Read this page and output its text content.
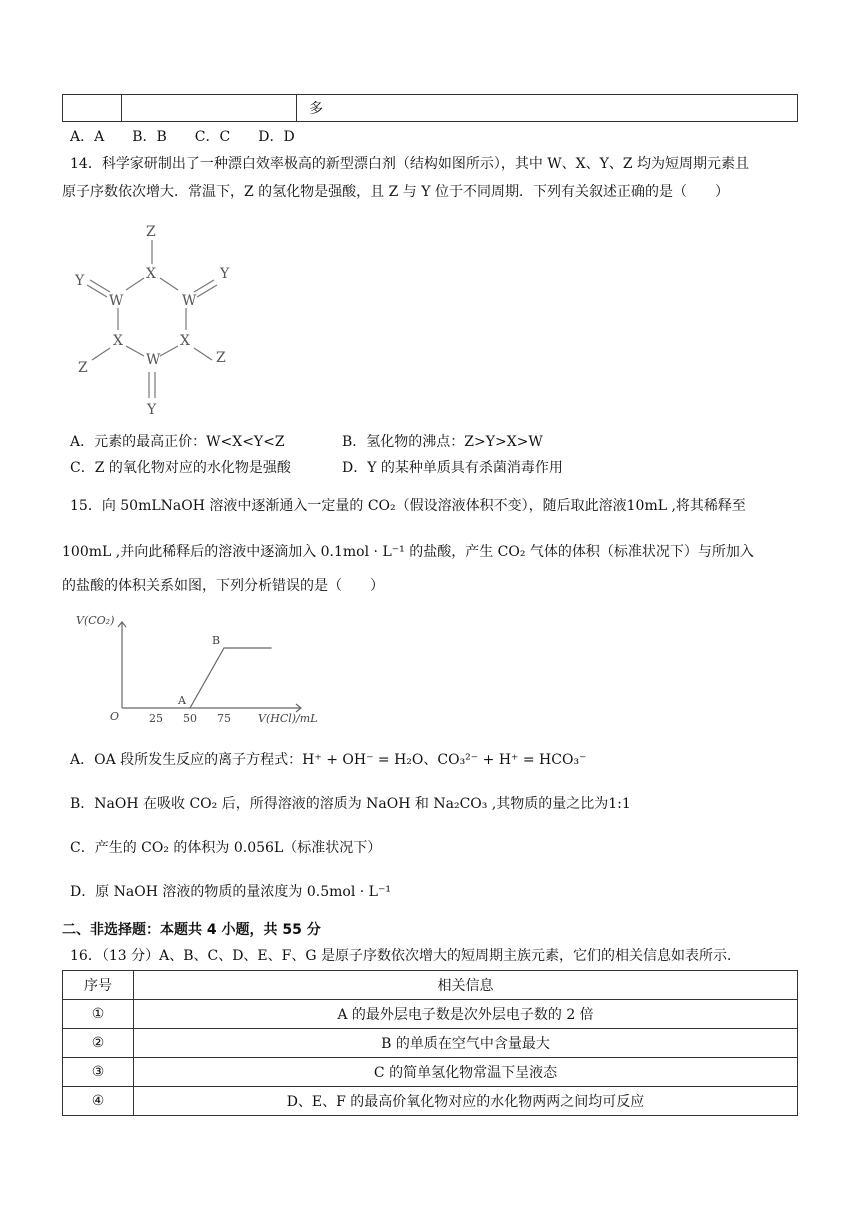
		多
A．A　　B．B　　C．C　　D．D
14．科学家研制出了一种漂白效率极高的新型漂白剂（结构如图所示），其中 W、X、Y、Z 均为短周期元素且
原子序数依次增大．常温下，Z 的氢化物是强酸，且 Z 与 Y 位于不同周期．下列有关叙述正确的是（　　）
Z
X
W	W
Y	Y
X	X
W
Z
Z
Y
A．元素的最高正价：W<X<Y<Z	B．氢化物的沸点：Z>Y>X>W
C．Z 的氧化物对应的水化物是强酸	D．Y 的某种单质具有杀菌消毒作用
15．向 50mLNaOH 溶液中逐渐通入一定量的 CO₂（假设溶液体积不变），随后取此溶液10mL ,将其稀释至
100mL ,并向此稀释后的溶液中逐滴加入 0.1mol · L⁻¹ 的盐酸，产生 CO₂ 气体的体积（标准状况下）与所加入
的盐酸的体积关系如图，下列分析错误的是（　　）
V(CO₂)
V(HCl)/mL
O	25 50 75
A
B
A．OA 段所发生反应的离子方程式：H⁺ + OH⁻ = H₂O、CO₃²⁻ + H⁺ = HCO₃⁻
B．NaOH 在吸收 CO₂ 后，所得溶液的溶质为 NaOH 和 Na₂CO₃ ,其物质的量之比为1:1
C．产生的 CO₂ 的体积为 0.056L（标准状况下）
D．原 NaOH 溶液的物质的量浓度为 0.5mol · L⁻¹
二、非选择题：本题共 4 小题，共 55 分
16．（13 分）A、B、C、D、E、F、G 是原子序数依次增大的短周期主族元素，它们的相关信息如表所示．
序号	相关信息
①	A 的最外层电子数是次外层电子数的 2 倍
②	B 的单质在空气中含量最大
③	C 的简单氢化物常温下呈液态
④	D、E、F 的最高价氧化物对应的水化物两两之间均可反应
